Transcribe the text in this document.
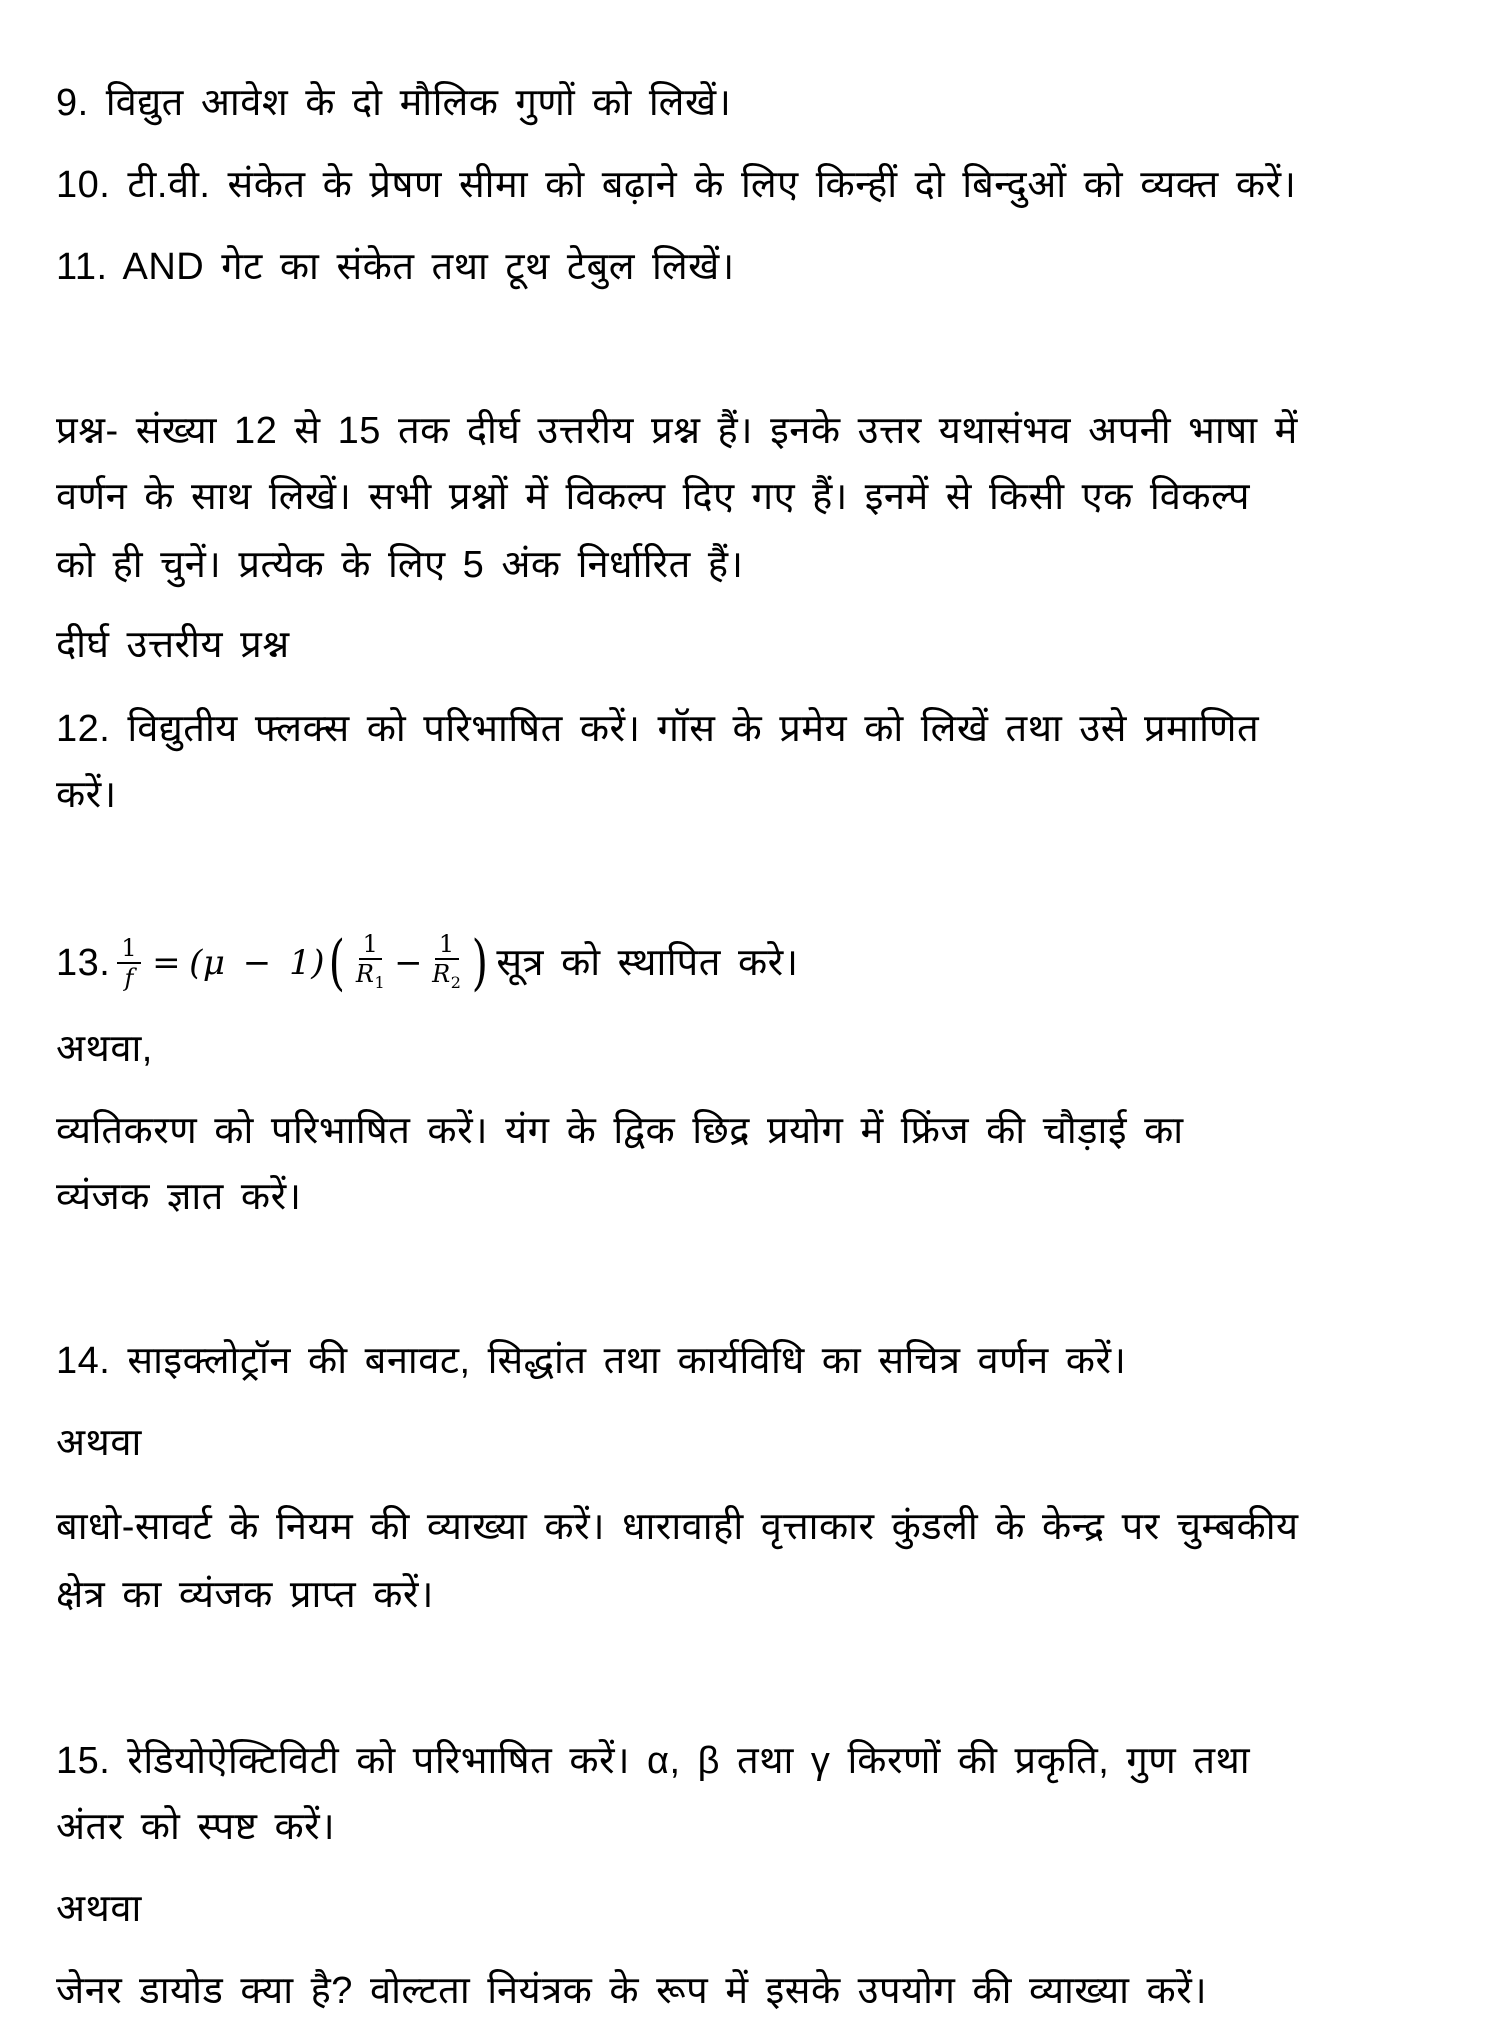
9. विद्युत आवेश के दो मौलिक गुणों को लिखें।
10. टी.वी. संकेत के प्रेषण सीमा को बढ़ाने के लिए किन्हीं दो बिन्दुओं को व्यक्त करें।
11. AND गेट का संकेत तथा टूथ टेबुल लिखें।
प्रश्न- संख्या 12 से 15 तक दीर्घ उत्तरीय प्रश्न हैं। इनके उत्तर यथासंभव अपनी भाषा में
वर्णन के साथ लिखें। सभी प्रश्नों में विकल्प दिए गए हैं। इनमें से किसी एक विकल्प
को ही चुनें। प्रत्येक के लिए 5 अंक निर्धारित हैं।
दीर्घ उत्तरीय प्रश्न
12. विद्युतीय फ्लक्स को परिभाषित करें। गॉस के प्रमेय को लिखें तथा उसे प्रमाणित
करें।
13. $\frac{1}{f} = (\mu - 1)$ ( $\frac{1}{R_1} - \frac{1}{R_2}$ ) सूत्र को स्थापित करे।
अथवा,
व्यतिकरण को परिभाषित करें। यंग के द्विक छिद्र प्रयोग में फ्रिंज की चौड़ाई का
व्यंजक ज्ञात करें।
14. साइक्लोट्रॉन की बनावट, सिद्धांत तथा कार्यविधि का सचित्र वर्णन करें।
अथवा
बाधो-सावर्ट के नियम की व्याख्या करें। धारावाही वृत्ताकार कुंडली के केन्द्र पर चुम्बकीय
क्षेत्र का व्यंजक प्राप्त करें।
15. रेडियोऐक्टिविटी को परिभाषित करें। α, β तथा γ किरणों की प्रकृति, गुण तथा
अंतर को स्पष्ट करें।
अथवा
जेनर डायोड क्या है? वोल्टता नियंत्रक के रूप में इसके उपयोग की व्याख्या करें।
